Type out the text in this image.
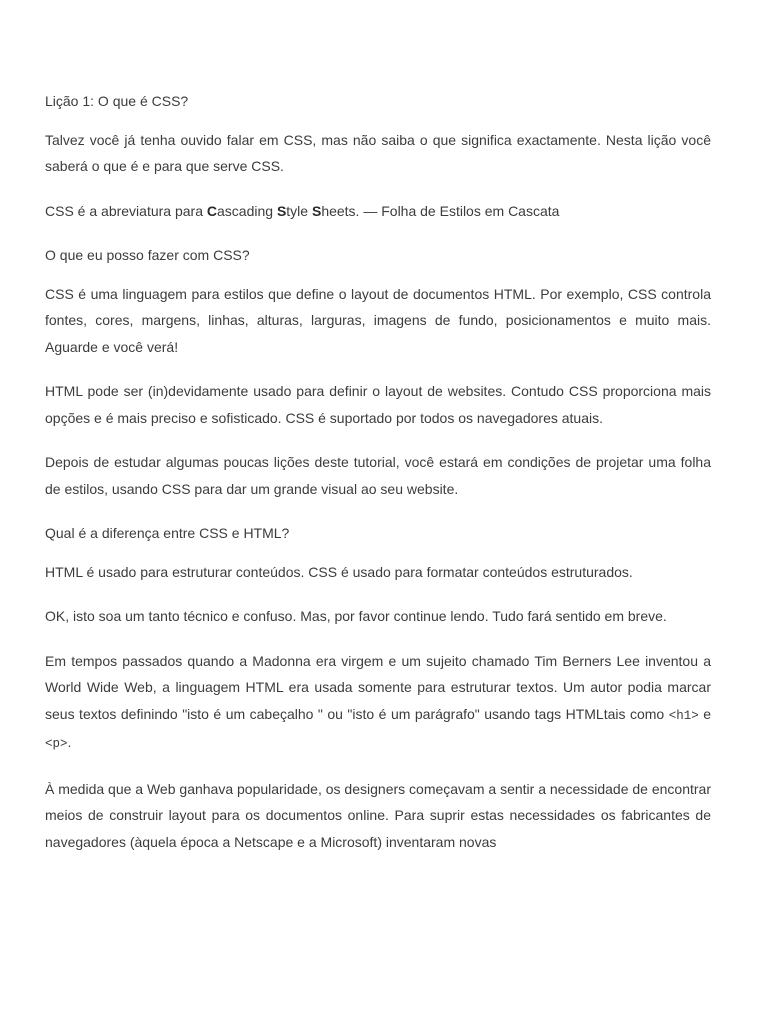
Lição 1: O que é CSS?

Talvez você já tenha ouvido falar em CSS, mas não saiba o que significa exactamente. Nesta lição você saberá o que é e para que serve CSS.

CSS é a abreviatura para Cascading Style Sheets. — Folha de Estilos em Cascata

O que eu posso fazer com CSS?

CSS é uma linguagem para estilos que define o layout de documentos HTML. Por exemplo, CSS controla fontes, cores, margens, linhas, alturas, larguras, imagens de fundo, posicionamentos e muito mais. Aguarde e você verá!

HTML pode ser (in)devidamente usado para definir o layout de websites. Contudo CSS proporciona mais opções e é mais preciso e sofisticado. CSS é suportado por todos os navegadores atuais.

Depois de estudar algumas poucas lições deste tutorial, você estará em condições de projetar uma folha de estilos, usando CSS para dar um grande visual ao seu website.

Qual é a diferença entre CSS e HTML?

HTML é usado para estruturar conteúdos. CSS é usado para formatar conteúdos estruturados.

OK, isto soa um tanto técnico e confuso. Mas, por favor continue lendo. Tudo fará sentido em breve.

Em tempos passados quando a Madonna era virgem e um sujeito chamado Tim Berners Lee inventou a World Wide Web, a linguagem HTML era usada somente para estruturar textos. Um autor podia marcar seus textos definindo "isto é um cabeçalho " ou "isto é um parágrafo" usando tags HTMLtais como <h1> e <p>.

À medida que a Web ganhava popularidade, os designers começavam a sentir a necessidade de encontrar meios de construir layout para os documentos online. Para suprir estas necessidades os fabricantes de navegadores (àquela época a Netscape e a Microsoft) inventaram novas
